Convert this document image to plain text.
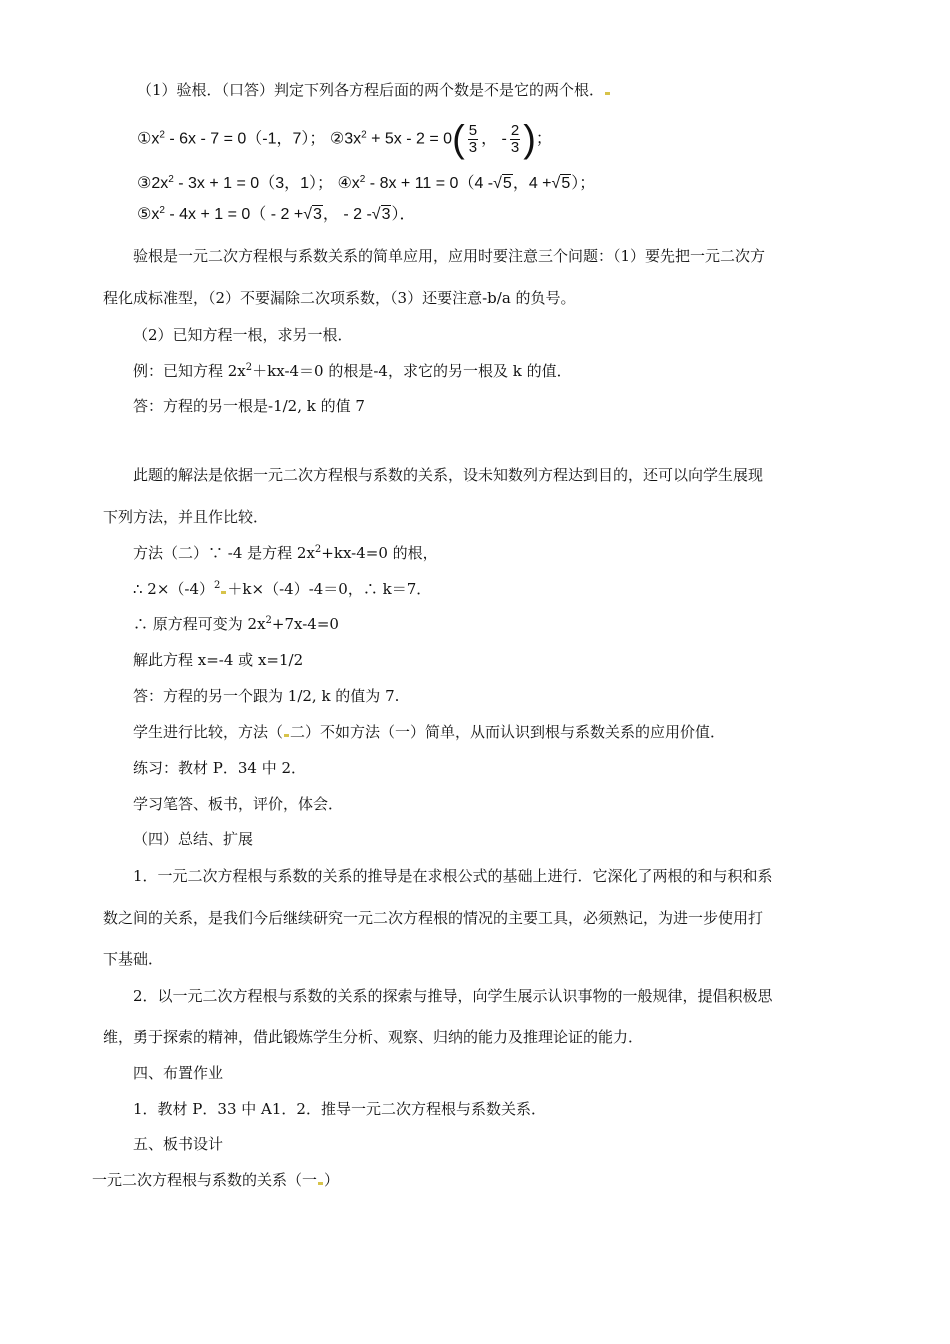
（1）验根．（口答）判定下列各方程后面的两个数是不是它的两个根．
$①x^2 - 6x - 7 = 0(-1$，7）； $②3x^2 + 5x - 2 = 0( \frac{5}{3}$ ， - $\frac{2}{3}$ )；
$③2x^2 - 3x + 1 = 0(3$，1）； $④x^2 - 8x + 11 = 0(4$ -√5，4 +√5）；
$⑤x^2 - 4x + 1 = 0( - 2 +√3$， - 2 -√3）．
验根是一元二次方程根与系数关系的简单应用，应用时要注意三个问题：（1）要先把一元二次方
程化成标准型，（2）不要漏除二次项系数，（3）还要注意-b/a 的负号。
（2）已知方程一根，求另一根．
例：已知方程 $2x^2+kx-4=0$ 的根是-4，求它的另一根及 k 的值．
答：方程的另一根是-1/2, k 的值 7
此题的解法是依据一元二次方程根与系数的关系，设未知数列方程达到目的，还可以向学生展现
下列方法，并且作比较．
方法（二）∵ -4 是方程 $2x^2+kx-4=0$ 的根，
∴ $2\times(-4)^2 +k\times(-4)-4=0$，∴ k＝7．
∴ 原方程可变为 $2x^2+7x-4=0$
解此方程 x=-4 或 x=1/2
答：方程的另一个跟为 1/2, k 的值为 7.
学生进行比较，方法（ 二）不如方法（一）简单，从而认识到根与系数关系的应用价值．
练习：教材 P．34 中 2．
学习笔答、板书，评价，体会．
（四）总结、扩展
1．一元二次方程根与系数的关系的推导是在求根公式的基础上进行．它深化了两根的和与积和系
数之间的关系，是我们今后继续研究一元二次方程根的情况的主要工具，必须熟记，为进一步使用打
下基础．
2．以一元二次方程根与系数的关系的探索与推导，向学生展示认识事物的一般规律，提倡积极思
维，勇于探索的精神，借此锻炼学生分析、观察、归纳的能力及推理论证的能力．
四、布置作业
1．教材 P．33 中 A1．2．推导一元二次方程根与系数关系．
五、板书设计
一元二次方程根与系数的关系（一 ）
